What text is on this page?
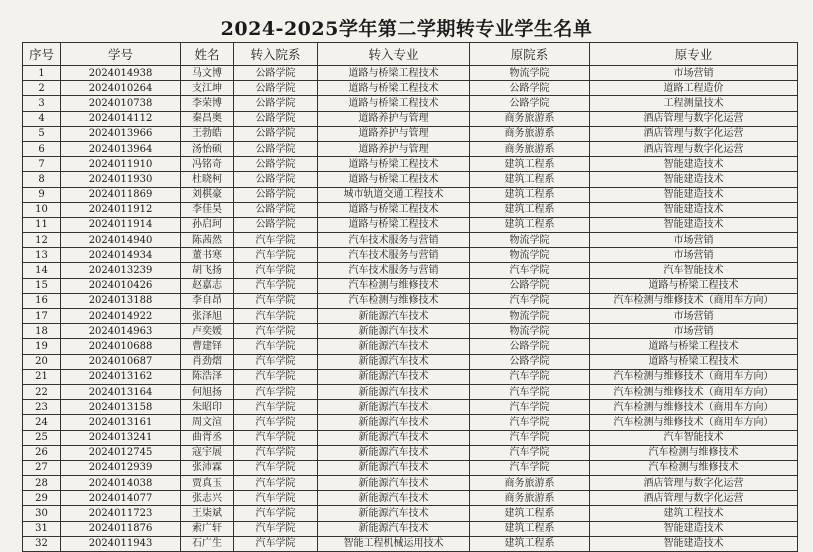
2024-2025学年第二学期转专业学生名单
序号	学号	姓名	转入院系	转入专业	原院系	原专业
1	2024014938	马文博	公路学院	道路与桥梁工程技术	物流学院	市场营销
2	2024010264	支江坤	公路学院	道路与桥梁工程技术	公路学院	道路工程造价
3	2024010738	李荣博	公路学院	道路与桥梁工程技术	公路学院	工程测量技术
4	2024014112	秦昌奥	公路学院	道路养护与管理	商务旅游系	酒店管理与数字化运营
5	2024013966	王勃皓	公路学院	道路养护与管理	商务旅游系	酒店管理与数字化运营
6	2024013964	汤怡硕	公路学院	道路养护与管理	商务旅游系	酒店管理与数字化运营
7	2024011910	冯铭奇	公路学院	道路与桥梁工程技术	建筑工程系	智能建造技术
8	2024011930	杜晓柯	公路学院	道路与桥梁工程技术	建筑工程系	智能建造技术
9	2024011869	刘棋豪	公路学院	城市轨道交通工程技术	建筑工程系	智能建造技术
10	2024011912	李佳昊	公路学院	道路与桥梁工程技术	建筑工程系	智能建造技术
11	2024011914	孙启珂	公路学院	道路与桥梁工程技术	建筑工程系	智能建造技术
12	2024014940	陈茜然	汽车学院	汽车技术服务与营销	物流学院	市场营销
13	2024014934	董书寒	汽车学院	汽车技术服务与营销	物流学院	市场营销
14	2024013239	胡飞扬	汽车学院	汽车技术服务与营销	汽车学院	汽车智能技术
15	2024010426	赵嘉志	汽车学院	汽车检测与维修技术	公路学院	道路与桥梁工程技术
16	2024013188	李自昂	汽车学院	汽车检测与维修技术	汽车学院	汽车检测与维修技术（商用车方向）
17	2024014922	张泽旭	汽车学院	新能源汽车技术	物流学院	市场营销
18	2024014963	卢奕媛	汽车学院	新能源汽车技术	物流学院	市场营销
19	2024010688	曹建铎	汽车学院	新能源汽车技术	公路学院	道路与桥梁工程技术
20	2024010687	肖劲熠	汽车学院	新能源汽车技术	公路学院	道路与桥梁工程技术
21	2024013162	陈浩泽	汽车学院	新能源汽车技术	汽车学院	汽车检测与维修技术（商用车方向）
22	2024013164	何旭扬	汽车学院	新能源汽车技术	汽车学院	汽车检测与维修技术（商用车方向）
23	2024013158	朱昭印	汽车学院	新能源汽车技术	汽车学院	汽车检测与维修技术（商用车方向）
24	2024013161	周文渲	汽车学院	新能源汽车技术	汽车学院	汽车检测与维修技术（商用车方向）
25	2024013241	曲胥丞	汽车学院	新能源汽车技术	汽车学院	汽车智能技术
26	2024012745	寇宇展	汽车学院	新能源汽车技术	汽车学院	汽车检测与维修技术
27	2024012939	张沛霖	汽车学院	新能源汽车技术	汽车学院	汽车检测与维修技术
28	2024014038	贾真玉	汽车学院	新能源汽车技术	商务旅游系	酒店管理与数字化运营
29	2024014077	张志兴	汽车学院	新能源汽车技术	商务旅游系	酒店管理与数字化运营
30	2024011723	王柒斌	汽车学院	新能源汽车技术	建筑工程系	建筑工程技术
31	2024011876	索广轩	汽车学院	新能源汽车技术	建筑工程系	智能建造技术
32	2024011943	石广生	汽车学院	智能工程机械运用技术	建筑工程系	智能建造技术
